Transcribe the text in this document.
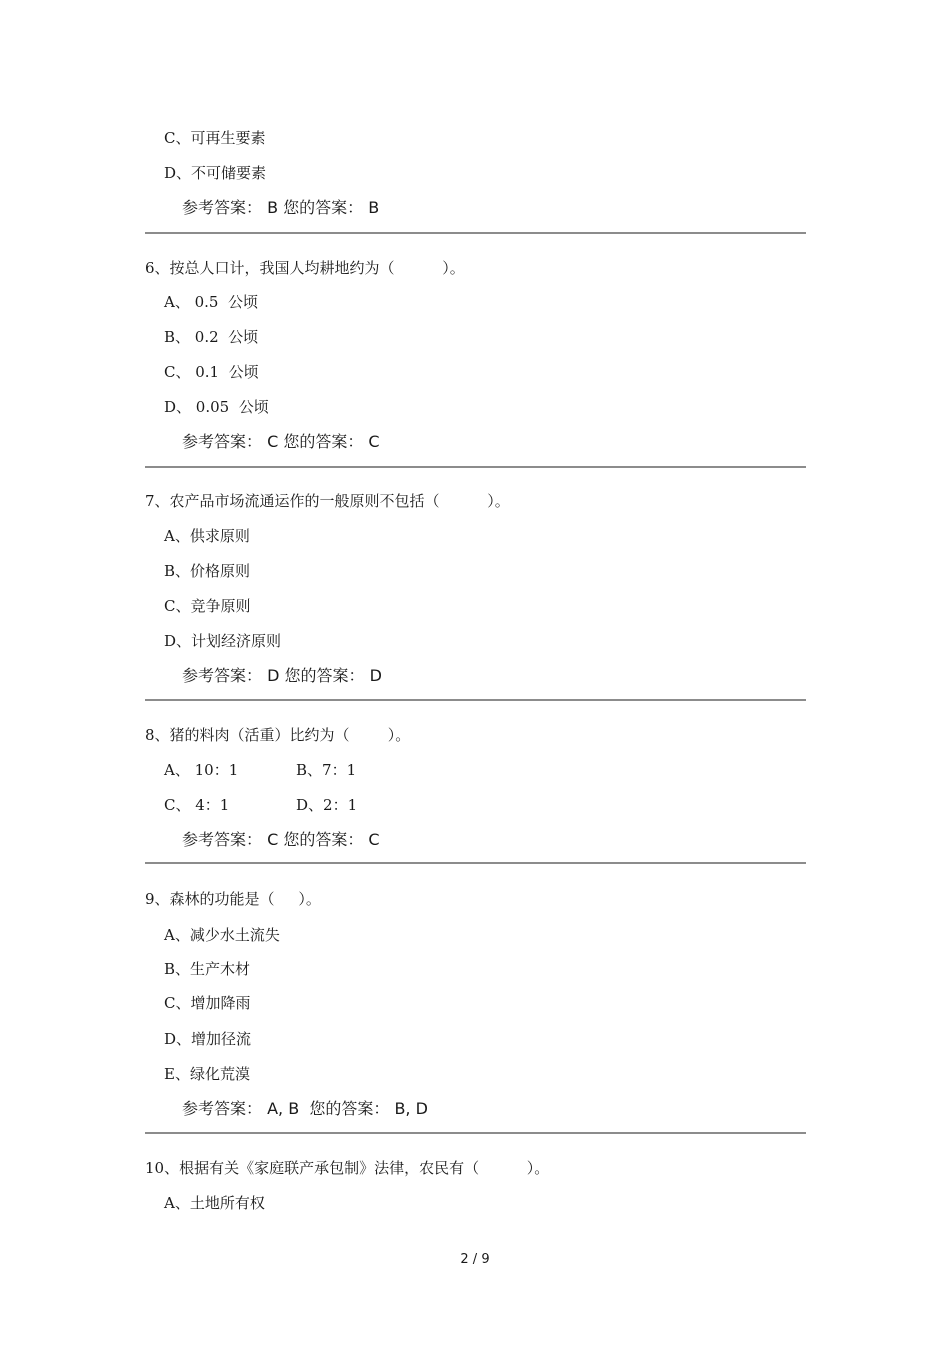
C、可再生要素
D、不可储要素
参考答案： B 您的答案： B
6、按总人口计，我国人均耕地约为（          ）。
A、 0.5  公顷
B、 0.2  公顷
C、 0.1  公顷
D、 0.05  公顷
参考答案： C 您的答案： C
7、农产品市场流通运作的一般原则不包括（          ）。
A、供求原则
B、价格原则
C、竞争原则
D、计划经济原则
参考答案： D 您的答案： D
8、猪的料肉（活重）比约为（        ）。
A、 10：1	B、7：1
C、 4：1	D、2：1
参考答案： C 您的答案： C
9、森林的功能是（     ）。
A、减少水土流失
B、生产木材
C、增加降雨
D、增加径流
E、绿化荒漠
参考答案： A, B  您的答案： B, D
10、根据有关《家庭联产承包制》法律，农民有（          ）。
A、土地所有权
2 / 9
